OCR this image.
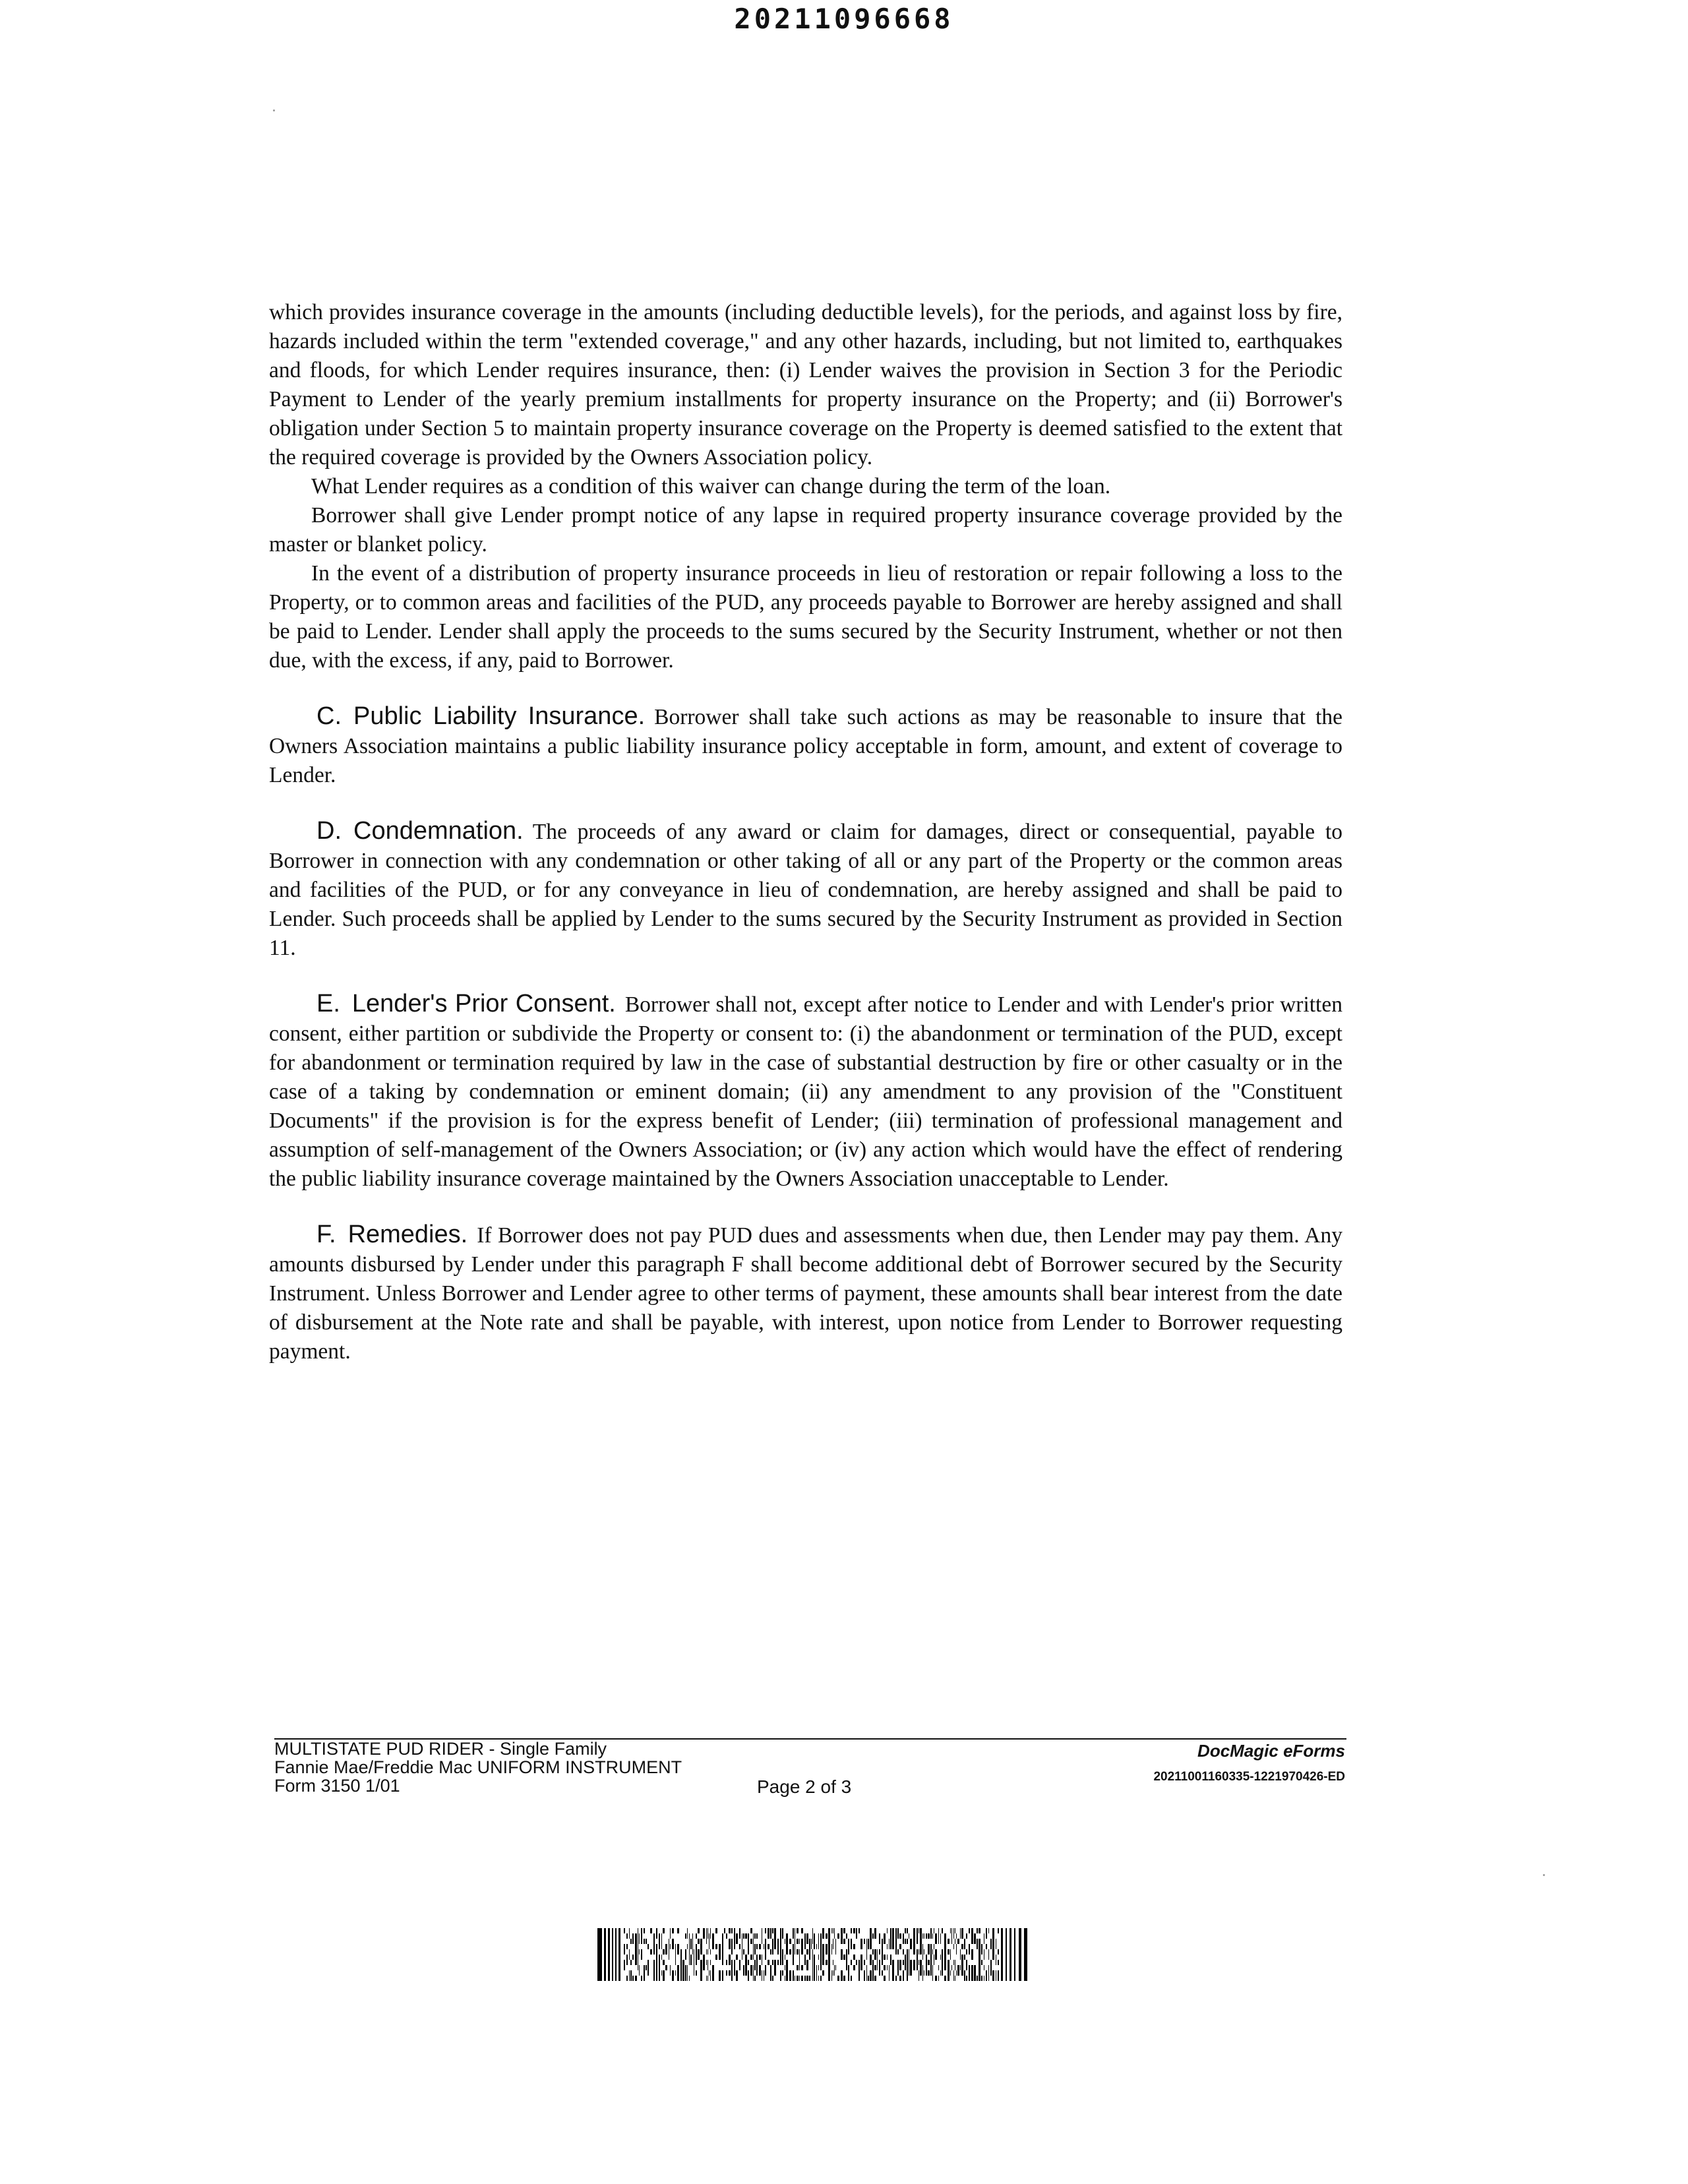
20211096668

which provides insurance coverage in the amounts (including deductible levels), for the periods, and against loss by fire, hazards included within the term "extended coverage," and any other hazards, including, but not limited to, earthquakes and floods, for which Lender requires insurance, then: (i) Lender waives the provision in Section 3 for the Periodic Payment to Lender of the yearly premium installments for property insurance on the Property; and (ii) Borrower's obligation under Section 5 to maintain property insurance coverage on the Property is deemed satisfied to the extent that the required coverage is provided by the Owners Association policy.

What Lender requires as a condition of this waiver can change during the term of the loan.

Borrower shall give Lender prompt notice of any lapse in required property insurance coverage provided by the master or blanket policy.

In the event of a distribution of property insurance proceeds in lieu of restoration or repair following a loss to the Property, or to common areas and facilities of the PUD, any proceeds payable to Borrower are hereby assigned and shall be paid to Lender. Lender shall apply the proceeds to the sums secured by the Security Instrument, whether or not then due, with the excess, if any, paid to Borrower.

C. Public Liability Insurance. Borrower shall take such actions as may be reasonable to insure that the Owners Association maintains a public liability insurance policy acceptable in form, amount, and extent of coverage to Lender.

D. Condemnation. The proceeds of any award or claim for damages, direct or consequential, payable to Borrower in connection with any condemnation or other taking of all or any part of the Property or the common areas and facilities of the PUD, or for any conveyance in lieu of condemnation, are hereby assigned and shall be paid to Lender. Such proceeds shall be applied by Lender to the sums secured by the Security Instrument as provided in Section 11.

E. Lender's Prior Consent. Borrower shall not, except after notice to Lender and with Lender's prior written consent, either partition or subdivide the Property or consent to: (i) the abandonment or termination of the PUD, except for abandonment or termination required by law in the case of substantial destruction by fire or other casualty or in the case of a taking by condemnation or eminent domain; (ii) any amendment to any provision of the "Constituent Documents" if the provision is for the express benefit of Lender; (iii) termination of professional management and assumption of self-management of the Owners Association; or (iv) any action which would have the effect of rendering the public liability insurance coverage maintained by the Owners Association unacceptable to Lender.

F. Remedies. If Borrower does not pay PUD dues and assessments when due, then Lender may pay them. Any amounts disbursed by Lender under this paragraph F shall become additional debt of Borrower secured by the Security Instrument. Unless Borrower and Lender agree to other terms of payment, these amounts shall bear interest from the date of disbursement at the Note rate and shall be payable, with interest, upon notice from Lender to Borrower requesting payment.

MULTISTATE PUD RIDER - Single Family
Fannie Mae/Freddie Mac UNIFORM INSTRUMENT
Form 3150 1/01	Page 2 of 3
DocMagic eForms
20211001160335-1221970426-ED
